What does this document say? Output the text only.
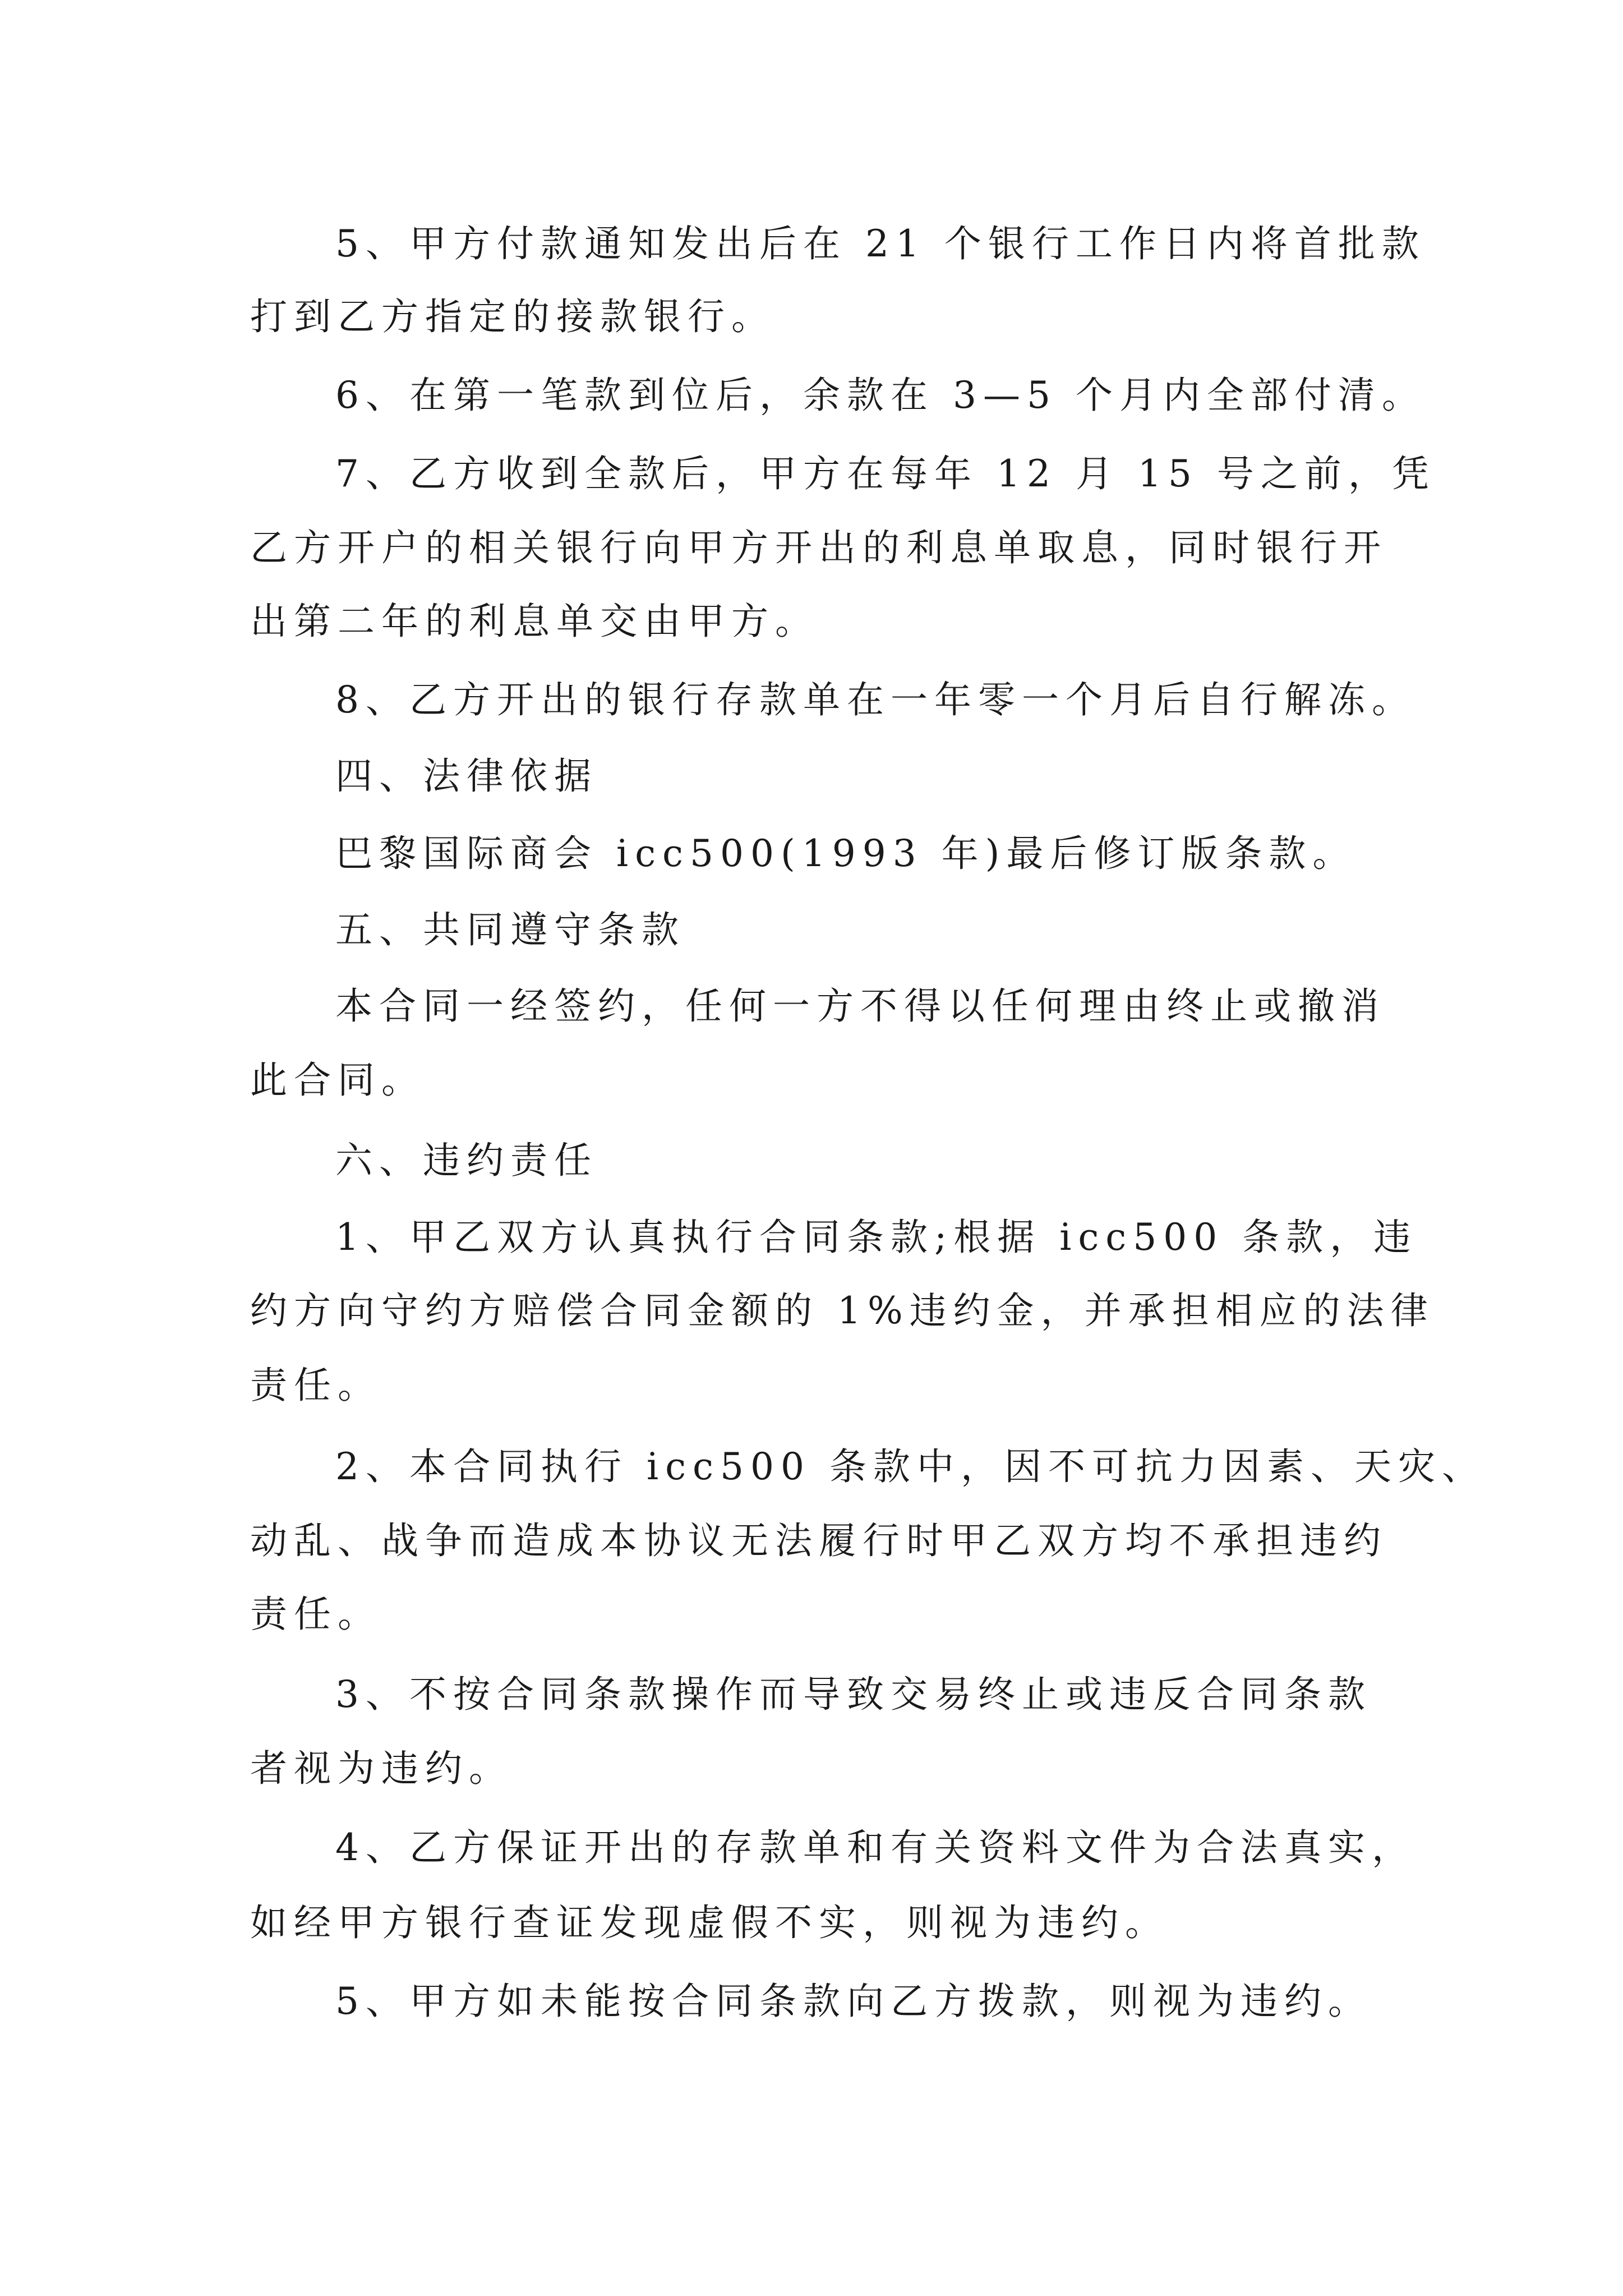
5、甲方付款通知发出后在 21 个银行工作日内将首批款
打到乙方指定的接款银行。
6、在第一笔款到位后，余款在 3—5 个月内全部付清。
7、乙方收到全款后，甲方在每年 12 月 15 号之前，凭
乙方开户的相关银行向甲方开出的利息单取息，同时银行开
出第二年的利息单交由甲方。
8、乙方开出的银行存款单在一年零一个月后自行解冻。
四、法律依据
巴黎国际商会 icc500(1993 年)最后修订版条款。
五、共同遵守条款
本合同一经签约，任何一方不得以任何理由终止或撤消
此合同。
六、违约责任
1、甲乙双方认真执行合同条款;根据 icc500 条款，违
约方向守约方赔偿合同金额的 1%违约金，并承担相应的法律
责任。
2、本合同执行 icc500 条款中，因不可抗力因素、天灾、
动乱、战争而造成本协议无法履行时甲乙双方均不承担违约
责任。
3、不按合同条款操作而导致交易终止或违反合同条款
者视为违约。
4、乙方保证开出的存款单和有关资料文件为合法真实，
如经甲方银行查证发现虚假不实，则视为违约。
5、甲方如未能按合同条款向乙方拨款，则视为违约。
